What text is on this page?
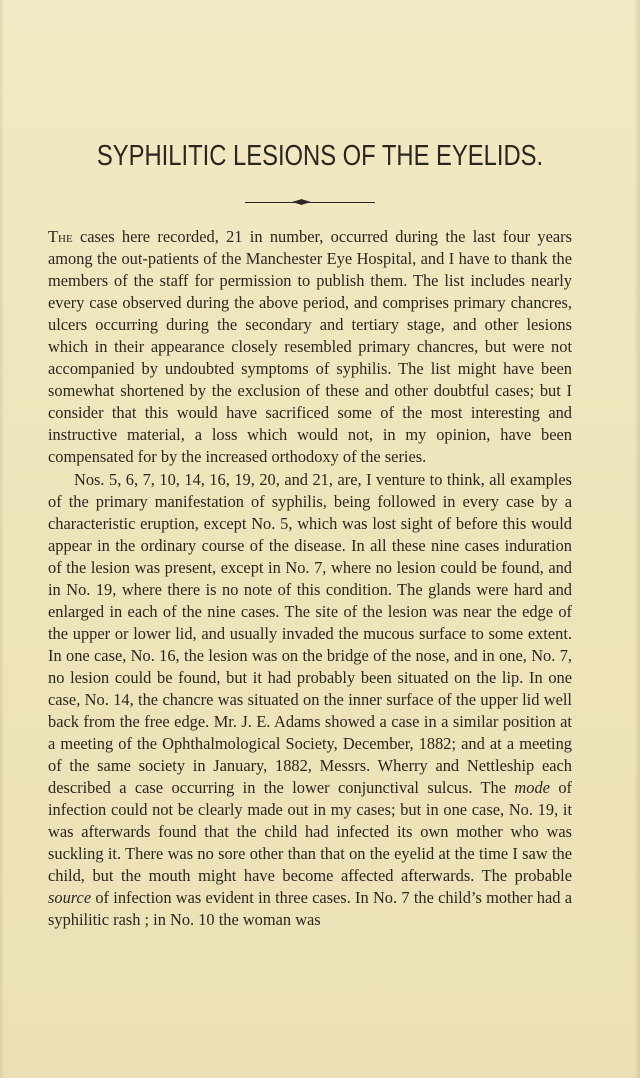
SYPHILITIC LESIONS OF THE EYELIDS.

The cases here recorded, 21 in number, occurred during the last four years among the out-patients of the Manchester Eye Hospital, and I have to thank the members of the staff for permission to publish them. The list includes nearly every case observed during the above period, and comprises primary chancres, ulcers occurring during the secondary and tertiary stage, and other lesions which in their appearance closely resembled primary chancres, but were not accompanied by undoubted symptoms of syphilis. The list might have been somewhat shortened by the exclusion of these and other doubtful cases; but I consider that this would have sacrificed some of the most interesting and instructive material, a loss which would not, in my opinion, have been compensated for by the increased orthodoxy of the series.

Nos. 5, 6, 7, 10, 14, 16, 19, 20, and 21, are, I venture to think, all examples of the primary manifestation of syphilis, being followed in every case by a characteristic eruption, except No. 5, which was lost sight of before this would appear in the ordinary course of the disease. In all these nine cases induration of the lesion was present, except in No. 7, where no lesion could be found, and in No. 19, where there is no note of this condition. The glands were hard and enlarged in each of the nine cases. The site of the lesion was near the edge of the upper or lower lid, and usually invaded the mucous surface to some extent. In one case, No. 16, the lesion was on the bridge of the nose, and in one, No. 7, no lesion could be found, but it had probably been situated on the lip. In one case, No. 14, the chancre was situated on the inner surface of the upper lid well back from the free edge. Mr. J. E. Adams showed a case in a similar position at a meeting of the Ophthalmological Society, December, 1882; and at a meeting of the same society in January, 1882, Messrs. Wherry and Nettleship each described a case occurring in the lower conjunctival sulcus. The mode of infection could not be clearly made out in my cases; but in one case, No. 19, it was afterwards found that the child had infected its own mother who was suckling it. There was no sore other than that on the eyelid at the time I saw the child, but the mouth might have become affected afterwards. The probable source of infection was evident in three cases. In No. 7 the child’s mother had a syphilitic rash ; in No. 10 the woman was
